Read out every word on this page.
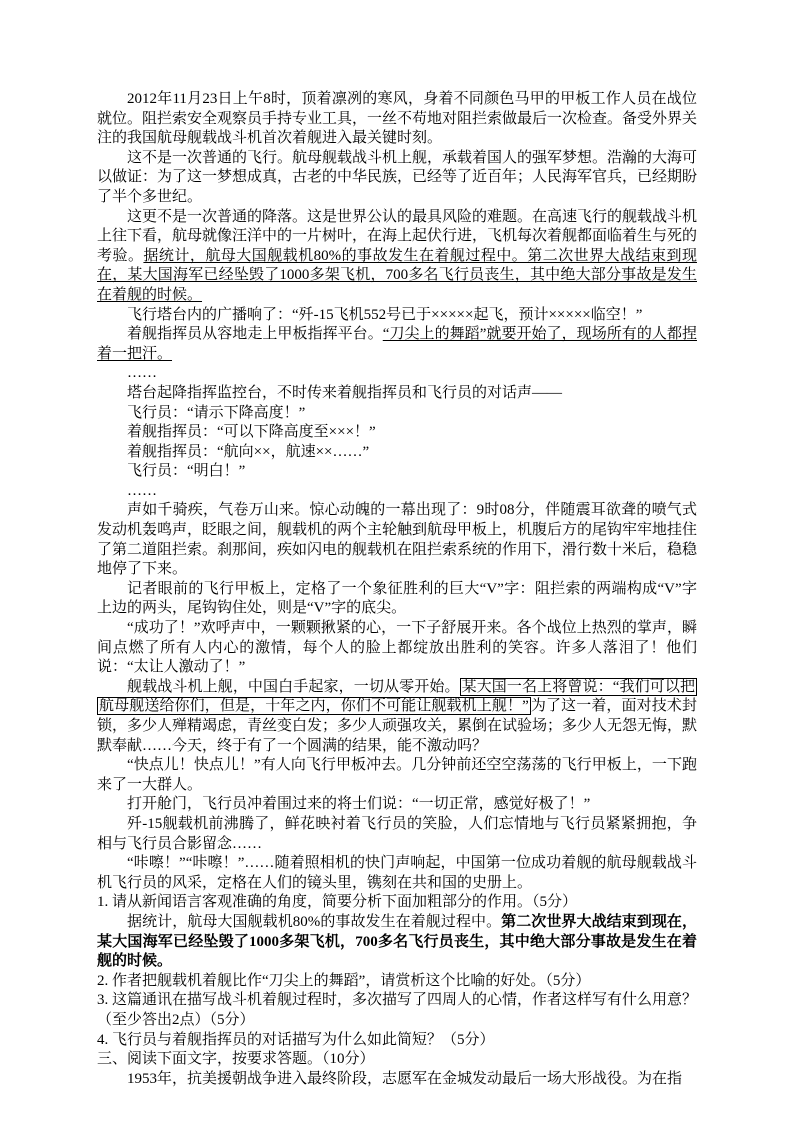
2012年11月23日上午8时，顶着凛冽的寒风，身着不同颜色马甲的甲板工作人员在战位就位。阻拦索安全观察员手持专业工具，一丝不苟地对阻拦索做最后一次检查。备受外界关注的我国航母舰载战斗机首次着舰进入最关键时刻。

这不是一次普通的飞行。航母舰载战斗机上舰，承载着国人的强军梦想。浩瀚的大海可以做证：为了这一梦想成真，古老的中华民族，已经等了近百年；人民海军官兵，已经期盼了半个多世纪。

这更不是一次普通的降落。这是世界公认的最具风险的难题。在高速飞行的舰载战斗机上往下看，航母就像汪洋中的一片树叶，在海上起伏行进，飞机每次着舰都面临着生与死的考验。据统计，航母大国舰载机80%的事故发生在着舰过程中。第二次世界大战结束到现在，某大国海军已经坠毁了1000多架飞机，700多名飞行员丧生，其中绝大部分事故是发生在着舰的时候。

飞行塔台内的广播响了：“歼-15飞机552号已于×××××起飞，预计×××××临空！”

着舰指挥员从容地走上甲板指挥平台。“刀尖上的舞蹈”就要开始了，现场所有的人都捏着一把汗。

……

塔台起降指挥监控台，不时传来着舰指挥员和飞行员的对话声——

飞行员：“请示下降高度！”

着舰指挥员：“可以下降高度至×××！”

着舰指挥员：“航向××，航速××……”

飞行员：“明白！”

……

声如千骑疾，气卷万山来。惊心动魄的一幕出现了：9时08分，伴随震耳欲聋的喷气式发动机轰鸣声，眨眼之间，舰载机的两个主轮触到航母甲板上，机腹后方的尾钩牢牢地挂住了第二道阻拦索。刹那间，疾如闪电的舰载机在阻拦索系统的作用下，滑行数十米后，稳稳地停了下来。

记者眼前的飞行甲板上，定格了一个象征胜利的巨大“V”字：阻拦索的两端构成“V”字上边的两头，尾钩钩住处，则是“V”字的底尖。

“成功了！”欢呼声中，一颗颗揪紧的心，一下子舒展开来。各个战位上热烈的掌声，瞬间点燃了所有人内心的激情，每个人的脸上都绽放出胜利的笑容。许多人落泪了！他们说：“太让人激动了！”

舰载战斗机上舰，中国白手起家，一切从零开始。 某大国一名上将曾说：“我们可以把航母舰送给你们，但是，十年之内，你们不可能让舰载机上舰！” 为了这一着，面对技术封锁，多少人殚精竭虑，青丝变白发；多少人顽强攻关，累倒在试验场；多少人无怨无悔，默默奉献……今天，终于有了一个圆满的结果，能不激动吗？

“快点儿！快点儿！”有人向飞行甲板冲去。几分钟前还空空荡荡的飞行甲板上，一下跑来了一大群人。

打开舱门，飞行员冲着围过来的将士们说：“一切正常，感觉好极了！”

歼-15舰载机前沸腾了，鲜花映衬着飞行员的笑脸，人们忘情地与飞行员紧紧拥抱，争相与飞行员合影留念……

“咔嚓！”“咔嚓！”……随着照相机的快门声响起，中国第一位成功着舰的航母舰载战斗机飞行员的风采，定格在人们的镜头里，镌刻在共和国的史册上。

1. 请从新闻语言客观准确的角度，简要分析下面加粗部分的作用。（5分）

据统计，航母大国舰载机80%的事故发生在着舰过程中。第二次世界大战结束到现在，某大国海军已经坠毁了1000多架飞机，700多名飞行员丧生，其中绝大部分事故是发生在着舰的时候。

2. 作者把舰载机着舰比作“刀尖上的舞蹈”，请赏析这个比喻的好处。（5分）

3. 这篇通讯在描写战斗机着舰过程时，多次描写了四周人的心情，作者这样写有什么用意？（至少答出2点）（5分）

4. 飞行员与着舰指挥员的对话描写为什么如此简短？（5分）

三、阅读下面文字，按要求答题。（10分）

1953年，抗美援朝战争进入最终阶段，志愿军在金城发动最后一场大形战役。为在指
